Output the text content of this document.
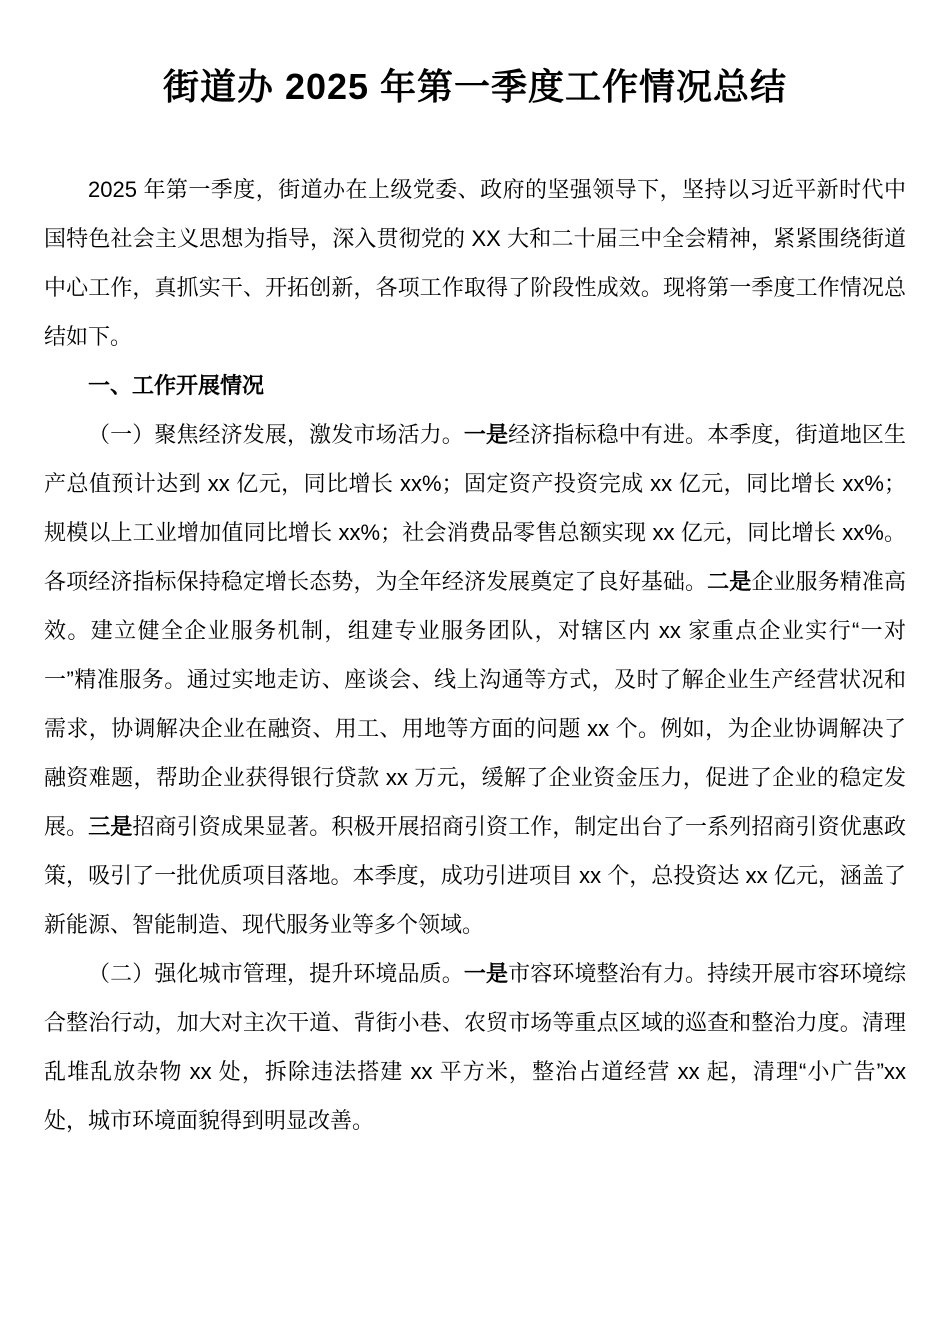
街道办 2025 年第一季度工作情况总结

2025 年第一季度，街道办在上级党委、政府的坚强领导下，坚持以习近平新时代中国特色社会主义思想为指导，深入贯彻党的 XX 大和二十届三中全会精神，紧紧围绕街道中心工作，真抓实干、开拓创新，各项工作取得了阶段性成效。现将第一季度工作情况总结如下。

一、工作开展情况

（一）聚焦经济发展，激发市场活力。一是经济指标稳中有进。本季度，街道地区生产总值预计达到 xx 亿元，同比增长 xx%；固定资产投资完成 xx 亿元，同比增长 xx%；规模以上工业增加值同比增长 xx%；社会消费品零售总额实现 xx 亿元，同比增长 xx%。各项经济指标保持稳定增长态势，为全年经济发展奠定了良好基础。二是企业服务精准高效。建立健全企业服务机制，组建专业服务团队，对辖区内 xx 家重点企业实行“一对一”精准服务。通过实地走访、座谈会、线上沟通等方式，及时了解企业生产经营状况和需求，协调解决企业在融资、用工、用地等方面的问题 xx 个。例如，为企业协调解决了融资难题，帮助企业获得银行贷款 xx 万元，缓解了企业资金压力，促进了企业的稳定发展。三是招商引资成果显著。积极开展招商引资工作，制定出台了一系列招商引资优惠政策，吸引了一批优质项目落地。本季度，成功引进项目 xx 个，总投资达 xx 亿元，涵盖了新能源、智能制造、现代服务业等多个领域。

（二）强化城市管理，提升环境品质。一是市容环境整治有力。持续开展市容环境综合整治行动，加大对主次干道、背街小巷、农贸市场等重点区域的巡查和整治力度。清理乱堆乱放杂物 xx 处，拆除违法搭建 xx 平方米，整治占道经营 xx 起，清理“小广告”xx 处，城市环境面貌得到明显改善。
